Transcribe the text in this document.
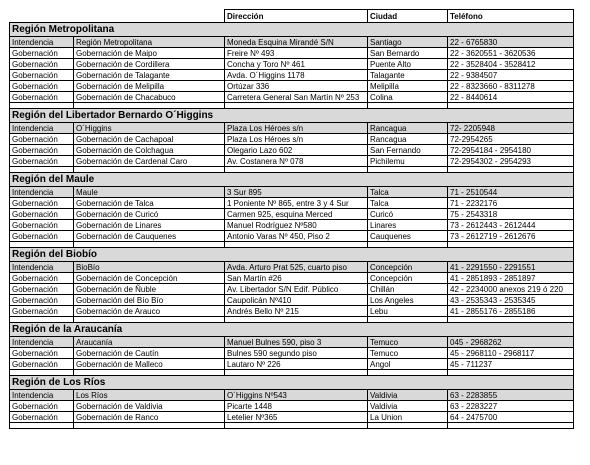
		Dirección	Ciudad	Teléfono
Región Metropolitana				
Intendencia	Región Metropolitana	Moneda Esquina Mirandé S/N	Santiago	22 - 6765830
Gobernación	Gobernación de Maipo	Freire Nº 493	San Bernardo	22 - 3620551 - 3620536
Gobernación	Gobernación de Cordillera	Concha y Toro Nº 461	Puente Alto	22 - 3528404 - 3528412
Gobernación	Gobernación de Talagante	Avda. O´Higgins 1178	Talagante	22 - 9384507
Gobernación	Gobernación de Melipilla	Ortúzar 336	Melipilla	22 - 8323660 - 8311278
Gobernación	Gobernación de Chacabuco	Carretera General San Martín Nº 253	Colina	22 - 8440614

Región del Libertador Bernardo O´Higgins				
Intendencia	O´Higgins	Plaza Los Héroes s/n	Rancagua	72- 2205948
Gobernación	Gobernación de Cachapoal	Plaza Los Héroes s/n	Rancagua	72-2954265
Gobernación	Gobernación de Colchagua	Olegario Lazo 602	San Fernando	72-2954184 - 2954180
Gobernación	Gobernación de Cardenal Caro	Av. Costanera Nº 078	Pichilemu	72-2954302 - 2954293

Región del Maule				
Intendencia	Maule	3 Sur 895	Talca	71 - 2510544
Gobernación	Gobernación de Talca	1 Poniente Nº 865, entre 3 y 4 Sur	Talca	71 - 2232176
Gobernación	Gobernación de Curicó	Carmen 925, esquina Merced	Curicó	75 - 2543318
Gobernación	Gobernación de Linares	Manuel Rodríguez Nº580	Linares	73 - 2612443 - 2612444
Gobernación	Gobernación de Cauquenes	Antonio Varas Nº 450, Piso 2	Cauquenes	73 - 2612719 - 2612676

Región del Biobío				
Intendencia	BioBío	Avda. Arturo Prat 525, cuarto piso	Concepción	41 - 2291550 - 2291551
Gobernación	Gobernación de Concepción	San Martín #26	Concepción	41 - 2851893 - 2851897
Gobernación	Gobernación de Ñuble	Av. Libertador S/N Edif. Público	Chillán	42 - 2234000 anexos 219 ó 220
Gobernación	Gobernación del Bío Bío	Caupolicán Nº410	Los Angeles	43 - 2535343 - 2535345
Gobernación	Gobernación de Arauco	Andrés Bello Nº 215	Lebu	41 - 2855176 - 2855186

Región de la Araucanía				
Intendencia	Araucanía	Manuel Bulnes 590, piso 3	Temuco	045 - 2968262
Gobernación	Gobernación de Cautín	Bulnes 590 segundo piso	Temuco	45 - 2968110 - 2968117
Gobernación	Gobernación de Malleco	Lautaro Nº 226	Angol	45 - 711237

Región de Los Ríos				
Intendencia	Los Ríos	O´Higgins Nº543	Valdivia	63 - 2283855
Gobernación	Gobernación de Valdivia	Picarte 1448	Valdivia	63 - 2283227
Gobernación	Gobernación de Ranco	Letelier Nº365	La Union	64 - 2475700
